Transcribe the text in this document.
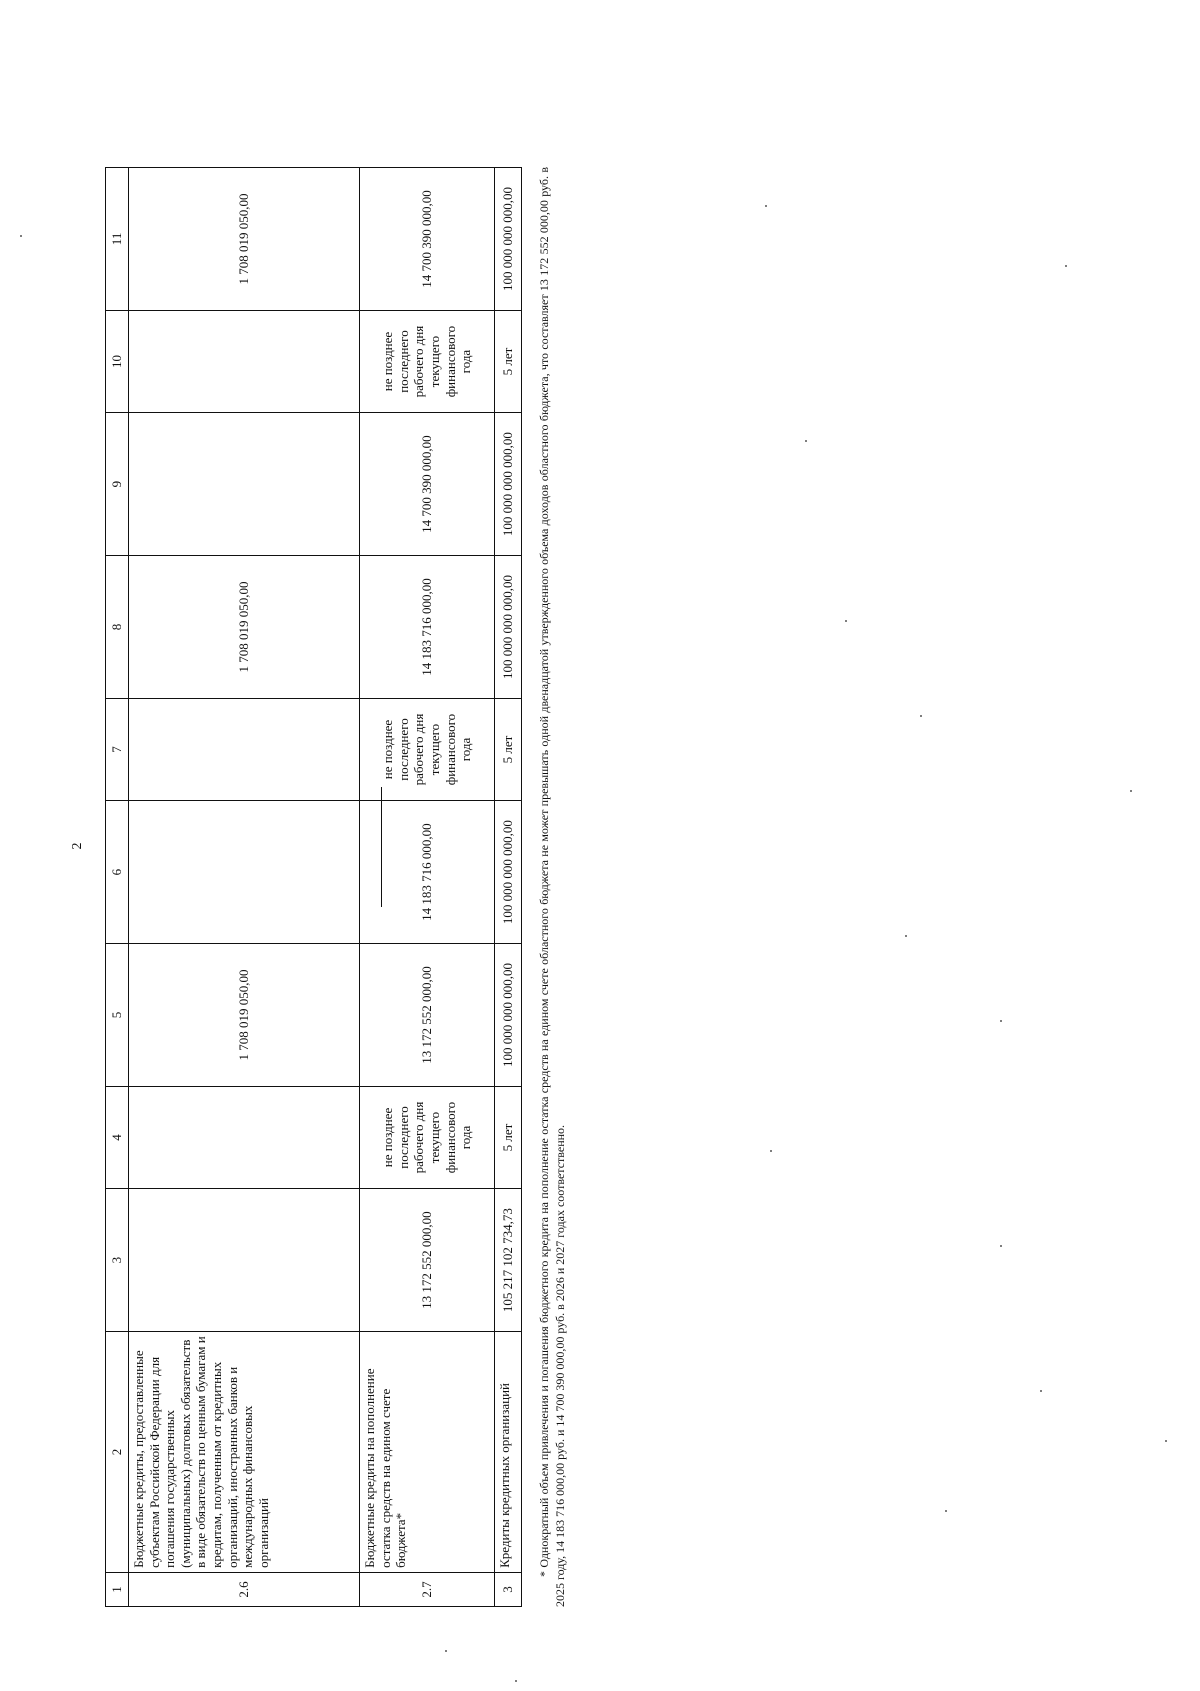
2
1	2	3	4	5	6	7	8	9	10	11
2.6	Бюджетные кредиты, предоставленные субъектам Российской Федерации для погашения государственных (муниципальных) долговых обязательств в виде обязательств по ценным бумагам и кредитам, полученным от кредитных организаций, иностранных банков и международных финансовых организаций			1 708 019 050,00			1 708 019 050,00			1 708 019 050,00
2.7	Бюджетные кредиты на пополнение остатка средств на едином счете бюджета*	13 172 552 000,00	не позднее последнего рабочего дня текущего финансового года	13 172 552 000,00	14 183 716 000,00	не позднее последнего рабочего дня текущего финансового года	14 183 716 000,00	14 700 390 000,00	не позднее последнего рабочего дня текущего финансового года	14 700 390 000,00
3	Кредиты кредитных организаций	105 217 102 734,73	5 лет	100 000 000 000,00	100 000 000 000,00	5 лет	100 000 000 000,00	100 000 000 000,00	5 лет	100 000 000 000,00 * Однократный объем привлечения и погашения бюджетного кредита на пополнение остатка средств на едином счете областного бюджета не может превышать одной двенадцатой утвержденного объема доходов областного бюджета, что составляет 13 172 552 000,00 руб. в 2025 году, 14 183 716 000,00 руб. и 14 700 390 000,00 руб. в 2026 и 2027 годах соответственно.
